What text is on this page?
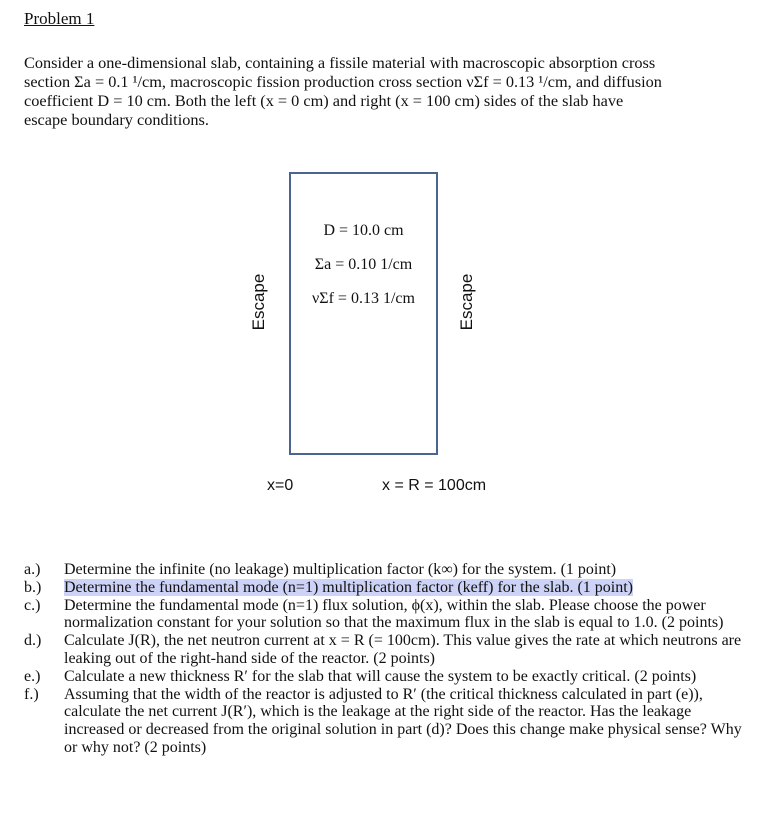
Problem 1
Consider a one-dimensional slab, containing a fissile material with macroscopic absorption cross
section Σa = 0.1 ¹/cm, macroscopic fission production cross section νΣf = 0.13 ¹/cm, and diffusion
coefficient D = 10 cm. Both the left (x = 0 cm) and right (x = 100 cm) sides of the slab have
escape boundary conditions.
D = 10.0 cm
Σa = 0.10 1/cm
νΣf = 0.13 1/cm
Escape	Escape
x=0	x = R = 100cm
a.)	Determine the infinite (no leakage) multiplication factor (k∞) for the system. (1 point)
b.)	Determine the fundamental mode (n=1) multiplication factor (keff) for the slab. (1 point)
c.)	Determine the fundamental mode (n=1) flux solution, ϕ(x), within the slab. Please choose the power normalization constant for your solution so that the maximum flux in the slab is equal to 1.0. (2 points)
d.)	Calculate J(R), the net neutron current at x = R (= 100cm). This value gives the rate at which neutrons are leaking out of the right-hand side of the reactor. (2 points)
e.)	Calculate a new thickness R′ for the slab that will cause the system to be exactly critical. (2 points)
f.)	Assuming that the width of the reactor is adjusted to R′ (the critical thickness calculated in part (e)), calculate the net current J(R′), which is the leakage at the right side of the reactor. Has the leakage increased or decreased from the original solution in part (d)? Does this change make physical sense? Why or why not? (2 points)
